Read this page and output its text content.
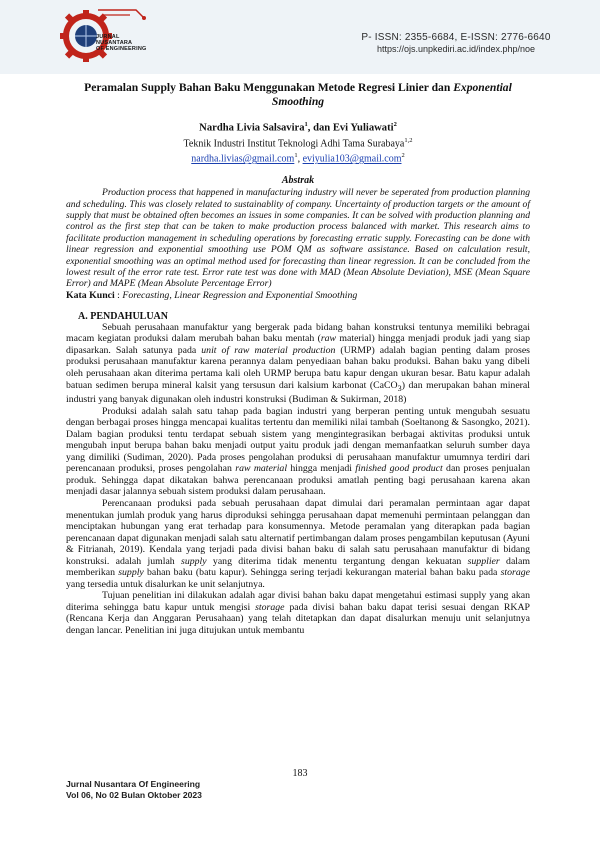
JURNAL
NUSANTARA
OF ENGINEERING
P- ISSN: 2355-6684, E-ISSN: 2776-6640
https://ojs.unpkediri.ac.id/index.php/noe
Peramalan Supply Bahan Baku Menggunakan Metode Regresi Linier dan Exponential Smoothing
Nardha Livia Salsavira$^1$, dan Evi Yuliawati$^2$
Teknik Industri Institut Teknologi Adhi Tama Surabaya$^{1,2}$
nardha.livias@gmail.com$^1$, eviyulia103@gmail.com$^2$
Abstrak

Production process that happened in manufacturing industry will never be seperated from production planning and scheduling. This was closely related to sustainablity of company. Uncertainty of production targets or the amount of supply that must be obtained often becomes an issues in some companies. It can be solved with production planning and control as the first step that can be taken to make production process balanced with market. This research aims to facilitate production management in scheduling operations by forecasting erratic supply. Forecasting can be done with linear regression and exponential smoothing use POM QM as software assistance. Based on calculation result, exponential smoothing was an optimal method used for forecasting than linear regression. It can be concluded from the lowest result of the error rate test. Error rate test was done with MAD (Mean Absolute Deviation), MSE (Mean Square Error) and MAPE (Mean Absolute Percentage Error)

Kata Kunci : Forecasting, Linear Regression and Exponential Smoothing
A. PENDAHULUAN

Sebuah perusahaan manufaktur yang bergerak pada bidang bahan konstruksi tentunya memiliki bebragai macam kegiatan produksi dalam merubah bahan baku mentah (raw material) hingga menjadi produk jadi yang siap dipasarkan. Salah satunya pada unit of raw material production (URMP) adalah bagian penting dalam proses produksi perusahaan manufaktur karena perannya dalam penyediaan bahan baku produksi. Bahan baku yang dibeli oleh perusahaan akan diterima pertama kali oleh URMP berupa batu kapur dengan ukuran besar. Batu kapur adalah batuan sedimen berupa mineral kalsit yang tersusun dari kalsium karbonat (CaCO$_3$) dan merupakan bahan mineral industri yang banyak digunakan oleh industri konstruksi (Budiman & Sukirman, 2018)

Produksi adalah salah satu tahap pada bagian industri yang berperan penting untuk mengubah sesuatu dengan berbagai proses hingga mencapai kualitas tertentu dan memiliki nilai tambah (Soeltanong & Sasongko, 2021). Dalam bagian produksi tentu terdapat sebuah sistem yang mengintegrasikan berbagai aktivitas produksi untuk mengubah input berupa bahan baku menjadi output yaitu produk jadi dengan memanfaatkan seluruh sumber daya yang dimiliki (Sudiman, 2020). Pada proses pengolahan produksi di perusahaan manufaktur umumnya terdiri dari perencanaan produksi, proses pengolahan raw material hingga menjadi finished good product dan proses penjualan produk. Sehingga dapat dikatakan bahwa perencanaan produksi amatlah penting bagi perusahaan karena akan menjadi dasar jalannya sebuah sistem produksi dalam perusahaan.

Perencanaan produksi pada sebuah perusahaan dapat dimulai dari peramalan permintaan agar dapat menentukan jumlah produk yang harus diproduksi sehingga perusahaan dapat memenuhi permintaan pelanggan dan menciptakan hubungan yang erat terhadap para konsumennya. Metode peramalan yang diterapkan pada bagian perencanaan dapat digunakan menjadi salah satu alternatif pertimbangan dalam proses pengambilan keputusan (Ayuni & Fitrianah, 2019). Kendala yang terjadi pada divisi bahan baku di salah satu perusahaan manufaktur di bidang konstruksi. adalah jumlah supply yang diterima tidak menentu tergantung dengan kekuatan supplier dalam memberikan supply bahan baku (batu kapur). Sehingga sering terjadi kekurangan material bahan baku pada storage yang tersedia untuk disalurkan ke unit selanjutnya.

Tujuan penelitian ini dilakukan adalah agar divisi bahan baku dapat mengetahui estimasi supply yang akan diterima sehingga batu kapur untuk mengisi storage pada divisi bahan baku dapat terisi sesuai dengan RKAP (Rencana Kerja dan Anggaran Perusahaan) yang telah ditetapkan dan dapat disalurkan menuju unit selanjutnya dengan lancar. Penelitian ini juga ditujukan untuk membantu

183
Jurnal Nusantara Of Engineering
Vol 06, No 02 Bulan Oktober 2023
